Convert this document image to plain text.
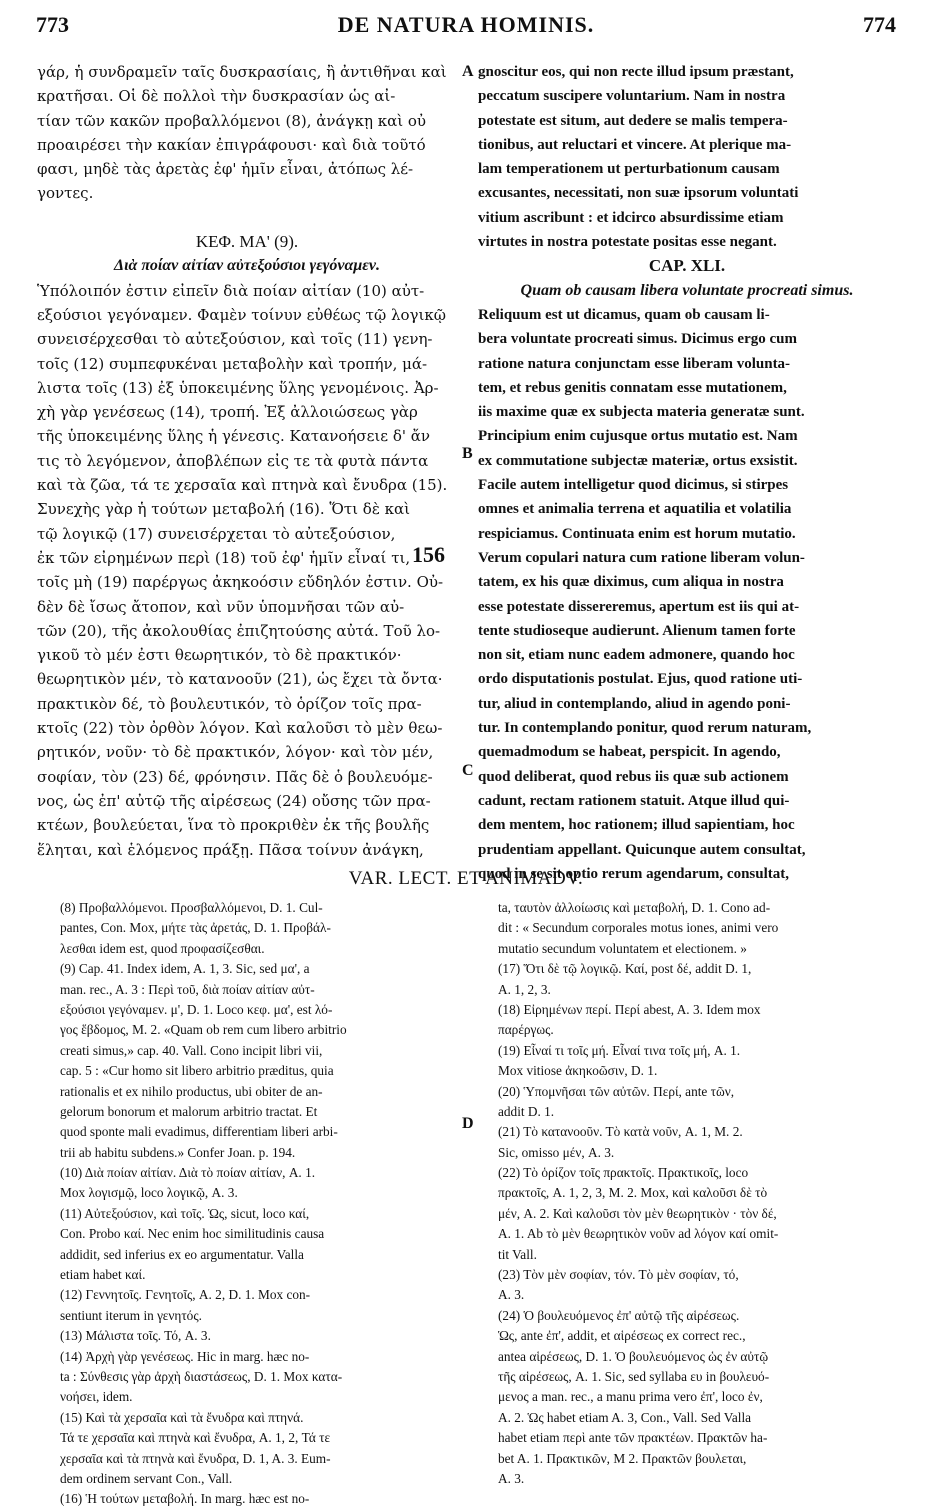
773	DE NATURA HOMINIS.	774
γάρ, ἡ συνδραμεῖν ταῖς δυσκρασίαις, ἢ ἀντιθῆναι καὶ
κρατῆσαι. Οἱ δὲ πολλοὶ τὴν δυσκρασίαν ὡς αἰ-
τίαν τῶν κακῶν προβαλλόμενοι (8), ἀνάγκῃ καὶ οὐ
προαιρέσει τὴν κακίαν ἐπιγράφουσι· καὶ διὰ τοῦτό
φασι, μηδὲ τὰς ἀρετὰς ἐφ' ἡμῖν εἶναι, ἀτόπως λέ-
γοντες.
ΚΕΦ. ΜΑ' (9).
Διὰ ποίαν αἰτίαν αὐτεξούσιοι γεγόναμεν.
Ὑπόλοιπόν ἐστιν εἰπεῖν διὰ ποίαν αἰτίαν (10) αὐτ-
εξούσιοι γεγόναμεν. Φαμὲν τοίνυν εὐθέως τῷ λογικῷ
συνεισέρχεσθαι τὸ αὐτεξούσιον, καὶ τοῖς (11) γενη-
τοῖς (12) συμπεφυκέναι μεταβολὴν καὶ τροπήν, μά-
λιστα τοῖς (13) ἐξ ὑποκειμένης ὕλης γενομένοις. Ἀρ-
χὴ γὰρ γενέσεως (14), τροπή. Ἐξ ἀλλοιώσεως γὰρ
τῆς ὑποκειμένης ὕλης ἡ γένεσις. Κατανοήσειε δ' ἄν
τις τὸ λεγόμενον, ἀποβλέπων εἰς τε τὰ φυτὰ πάντα
καὶ τὰ ζῶα, τά τε χερσαῖα καὶ πτηνὰ καὶ ἔνυδρα (15).
Συνεχὴς γὰρ ἡ τούτων μεταβολή (16). Ὅτι δὲ καὶ
τῷ λογικῷ (17) συνεισέρχεται τὸ αὐτεξούσιον,
ἐκ τῶν εἰρημένων περὶ (18) τοῦ ἐφ' ἡμῖν εἶναί τι,
τοῖς μὴ (19) παρέργως ἀκηκοόσιν εὔδηλόν ἐστιν. Οὐ-
δὲν δὲ ἴσως ἄτοπον, καὶ νῦν ὑπομνῆσαι τῶν αὐ-
τῶν (20), τῆς ἀκολουθίας ἐπιζητούσης αὐτά. Τοῦ λο-
γικοῦ τὸ μέν ἐστι θεωρητικόν, τὸ δὲ πρακτικόν·
θεωρητικὸν μέν, τὸ κατανοοῦν (21), ὡς ἔχει τὰ ὄντα·
πρακτικὸν δέ, τὸ βουλευτικόν, τὸ ὁρίζον τοῖς πρα-
κτοῖς (22) τὸν ὀρθὸν λόγον. Καὶ καλοῦσι τὸ μὲν θεω-
ρητικόν, νοῦν· τὸ δὲ πρακτικόν, λόγον· καὶ τὸν μέν,
σοφίαν, τὸν (23) δέ, φρόνησιν. Πᾶς δὲ ὁ βουλευόμε-
νος, ὡς ἐπ' αὐτῷ τῆς αἱρέσεως (24) οὔσης τῶν πρα-
κτέων, βουλεύεται, ἵνα τὸ προκριθὲν ἐκ τῆς βουλῆς
ἕληται, καὶ ἑλόμενος πράξῃ. Πᾶσα τοίνυν ἀνάγκη,
gnoscitur eos, qui non recte illud ipsum præstant,
peccatum suscipere voluntarium. Nam in nostra
potestate est situm, aut dedere se malis tempera-
tionibus, aut reluctari et vincere. At plerique ma-
lam temperationem ut perturbationum causam
excusantes, necessitati, non suæ ipsorum voluntati
vitium ascribunt : et idcirco absurdissime etiam
virtutes in nostra potestate positas esse negant.
CAP. XLI.
Quam ob causam libera voluntate procreati simus.
Reliquum est ut dicamus, quam ob causam li-
bera voluntate procreati simus. Dicimus ergo cum
ratione natura conjunctam esse liberam volunta-
tem, et rebus genitis connatam esse mutationem,
iis maxime quæ ex subjecta materia generatæ sunt.
Principium enim cujusque ortus mutatio est. Nam
ex commutatione subjectæ materiæ, ortus exsistit.
Facile autem intelligetur quod dicimus, si stirpes
omnes et animalia terrena et aquatilia et volatilia
respiciamus. Continuata enim est horum mutatio.
Verum copulari natura cum ratione liberam volun-
tatem, ex his quæ diximus, cum aliqua in nostra
esse potestate dissereremus, apertum est iis qui at-
tente studioseque audierunt. Alienum tamen forte
non sit, etiam nunc eadem admonere, quando hoc
ordo disputationis postulat. Ejus, quod ratione uti-
tur, aliud in contemplando, aliud in agendo poni-
tur. In contemplando ponitur, quod rerum naturam,
quemadmodum se habeat, perspicit. In agendo,
quod deliberat, quod rebus iis quæ sub actionem
cadunt, rectam rationem statuit. Atque illud qui-
dem mentem, hoc rationem; illud sapientiam, hoc
prudentiam appellant. Quicunque autem consultat,
quod in se sit optio rerum agendarum, consultat,
A
B
C
D
156
VAR. LECT. ET ANIMADV.
(8) Προβαλλόμενοι. Προσβαλλόμενοι, D. 1. Cul-
pantes, Con. Mox, μήτε τὰς ἀρετάς, D. 1. Προβάλ-
λεσθαι idem est, quod προφασίζεσθαι.
(9) Cap. 41. Index idem, A. 1, 3. Sic, sed μα', a
man. rec., A. 3 : Περὶ τοῦ, διὰ ποίαν αἰτίαν αὐτ-
εξούσιοι γεγόναμεν. μ', D. 1. Loco κεφ. μα', est λό-
γος ἕβδομος, M. 2. «Quam ob rem cum libero arbitrio
creati simus,» cap. 40. Vall. Cono incipit libri vii,
cap. 5 : «Cur homo sit libero arbitrio præditus, quia
rationalis et ex nihilo productus, ubi obiter de an-
gelorum bonorum et malorum arbitrio tractat. Et
quod sponte mali evadimus, differentiam liberi arbi-
trii ab habitu subdens.» Confer Joan. p. 194.
(10) Διὰ ποίαν αἰτίαν. Διὰ τὸ ποίαν αἰτίαν, A. 1.
Mox λογισμῷ, loco λογικῷ, A. 3.
(11) Αὐτεξούσιον, καὶ τοῖς. Ὡς, sicut, loco καί,
Con. Probo καί. Nec enim hoc similitudinis causa
addidit, sed inferius ex eo argumentatur. Valla
etiam habet καί.
(12) Γεννητοῖς. Γενητοῖς, A. 2, D. 1. Mox con-
sentiunt iterum in γενητός.
(13) Μάλιστα τοῖς. Τό, A. 3.
(14) Ἀρχὴ γὰρ γενέσεως. Hic in marg. hæc no-
ta : Σύνθεσις γὰρ ἀρχὴ διαστάσεως, D. 1. Mox κατα-
νοήσει, idem.
(15) Καὶ τὰ χερσαῖα καὶ τὰ ἔνυδρα καὶ πτηνά.
Τά τε χερσαῖα καὶ πτηνὰ καὶ ἔνυδρα, A. 1, 2, Τά τε
χερσαῖα καὶ τὰ πτηνὰ καὶ ἔνυδρα, D. 1, A. 3. Eum-
dem ordinem servant Con., Vall.
(16) Ἡ τούτων μεταβολή. In marg. hæc est no-
ta, ταυτὸν ἀλλοίωσις καὶ μεταβολή, D. 1. Cono ad-
dit : « Secundum corporales motus iones, animi vero
mutatio secundum voluntatem et electionem. »
(17) Ὅτι δὲ τῷ λογικῷ. Καί, post δέ, addit D. 1,
A. 1, 2, 3.
(18) Εἰρημένων περί. Περί abest, A. 3. Idem mox
παρέργως.
(19) Εἶναί τι τοῖς μή. Εἶναί τινα τοῖς μή, A. 1.
Mox vitiose ἀκηκοῶσιν, D. 1.
(20) Ὑπομνῆσαι τῶν αὐτῶν. Περί, ante τῶν,
addit D. 1.
(21) Τὸ κατανοοῦν. Τὸ κατὰ νοῦν, A. 1, M. 2.
Sic, omisso μέν, A. 3.
(22) Τὸ ὁρίζον τοῖς πρακτοῖς. Πρακτικοῖς, loco
πρακτοῖς, A. 1, 2, 3, M. 2. Mox, καὶ καλοῦσι δὲ τὸ
μέν, A. 2. Καὶ καλοῦσι τὸν μὲν θεωρητικὸν · τὸν δέ,
A. 1. Ab τὸ μὲν θεωρητικὸν νοῦν ad λόγον καί omit-
tit Vall.
(23) Τὸν μὲν σοφίαν, τόν. Τὸ μὲν σοφίαν, τό,
A. 3.
(24) Ὁ βουλευόμενος ἐπ' αὐτῷ τῆς αἱρέσεως.
Ὡς, ante ἐπ', addit, et αἱρέσεως ex correct rec.,
antea αἱρέσεως, D. 1. Ὁ βουλευόμενος ὡς ἐν αὐτῷ
τῆς αἱρέσεως, A. 1. Sic, sed syllaba ευ in βουλευό-
μενος a man. rec., a manu prima vero ἐπ', loco ἐν,
A. 2. Ὡς habet etiam A. 3, Con., Vall. Sed Valla
habet etiam περὶ ante τῶν πρακτέων. Πρακτῶν ha-
bet A. 1. Πρακτικῶν, M 2. Πρακτῶν βουλεται,
A. 3.
